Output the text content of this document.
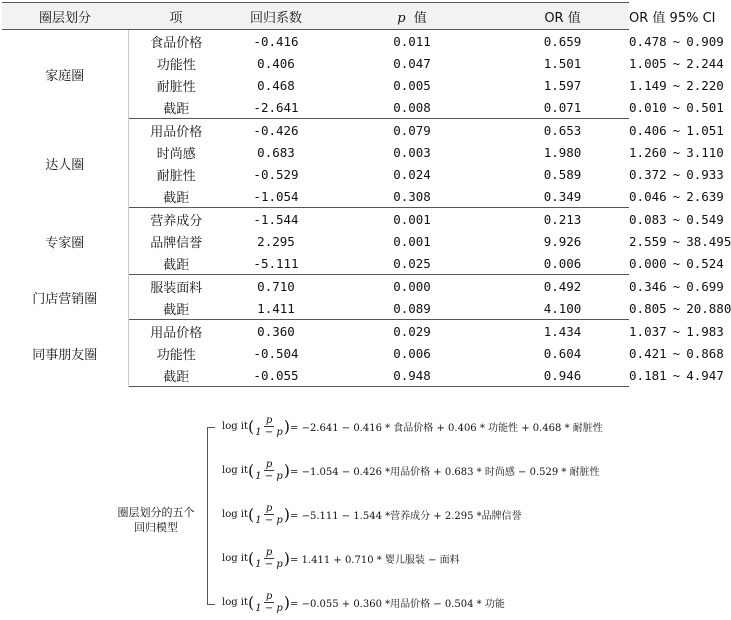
圈层划分	项	回归系数	p 值	OR 值	OR 值 95% CI
家庭圈	食品价格	-0.416	0.011	0.659	0.478 ~ 0.909
	功能性	0.406	0.047	1.501	1.005 ~ 2.244
	耐脏性	0.468	0.005	1.597	1.149 ~ 2.220
	截距	-2.641	0.008	0.071	0.010 ~ 0.501
达人圈	用品价格	-0.426	0.079	0.653	0.406 ~ 1.051
	时尚感	0.683	0.003	1.980	1.260 ~ 3.110
	耐脏性	-0.529	0.024	0.589	0.372 ~ 0.933
	截距	-1.054	0.308	0.349	0.046 ~ 2.639
专家圈	营养成分	-1.544	0.001	0.213	0.083 ~ 0.549
	品牌信誉	2.295	0.001	9.926	2.559 ~ 38.495
	截距	-5.111	0.025	0.006	0.000 ~ 0.524
门店营销圈	服装面料	0.710	0.000	0.492	0.346 ~ 0.699
	截距	1.411	0.089	4.100	0.805 ~ 20.880
同事朋友圈	用品价格	0.360	0.029	1.434	1.037 ~ 1.983
	功能性	-0.504	0.006	0.604	0.421 ~ 0.868
	截距	-0.055	0.948	0.946	0.181 ~ 4.947
圈层划分的五个
回归模型
log it ( $\frac{p}{1 - p}$ ) = −2.641 − 0.416 * 食品价格 + 0.406 * 功能性 + 0.468 * 耐脏性
log it ( $\frac{p}{1 - p}$ ) = −1.054 − 0.426 *用品价格 + 0.683 * 时尚感 − 0.529 * 耐脏性
log it ( $\frac{p}{1 - p}$ ) = −5.111 − 1.544 *营养成分 + 2.295 *品牌信誉
log it ( $\frac{p}{1 - p}$ ) = 1.411 + 0.710 * 婴儿服装 − 面料
log it ( $\frac{p}{1 - p}$ ) = −0.055 + 0.360 *用品价格 − 0.504 * 功能
